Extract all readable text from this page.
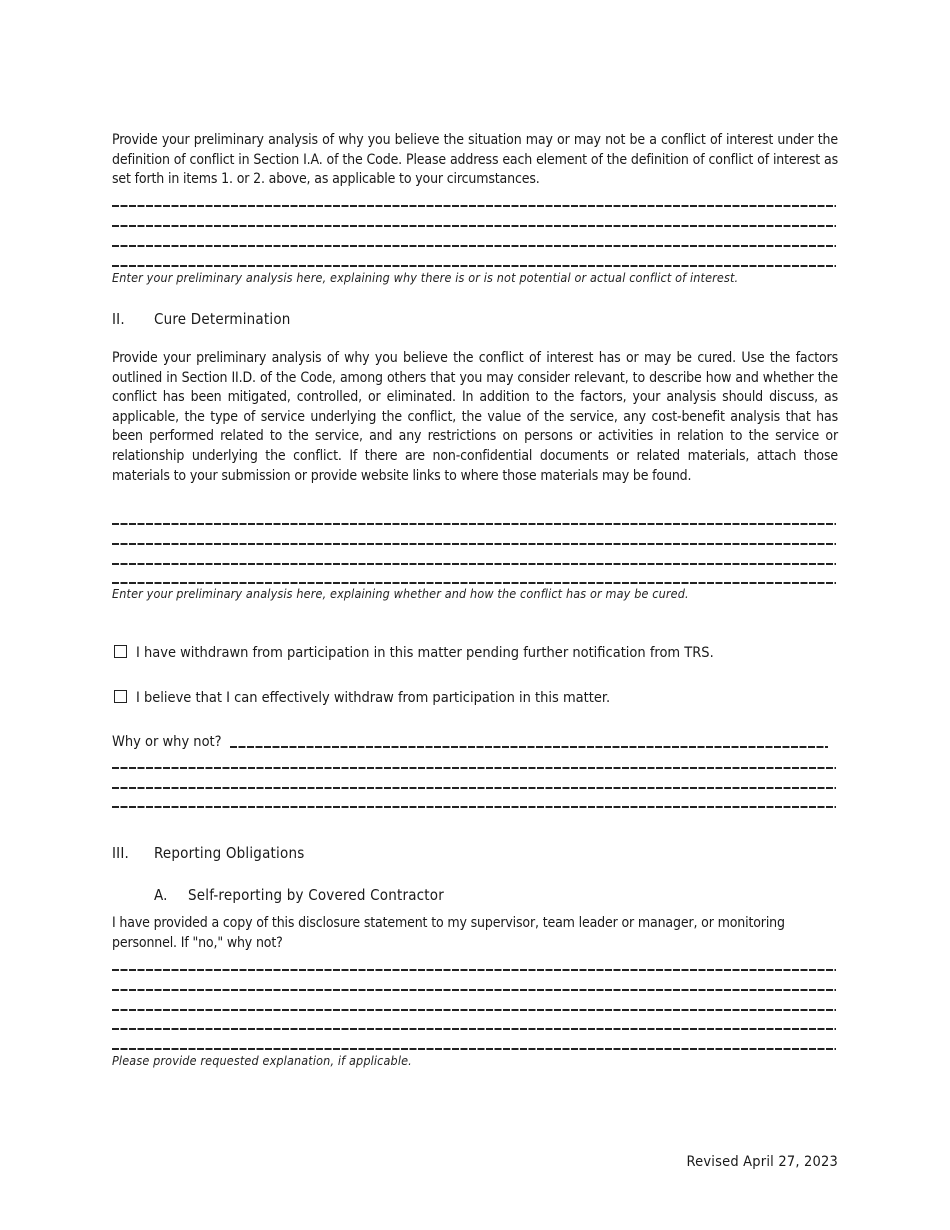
Provide your preliminary analysis of why you believe the situation may or may not be a conflict of interest under the definition of conflict in Section I.A. of the Code. Please address each element of the definition of conflict of interest as set forth in items 1. or 2. above, as applicable to your circumstances.
Enter your preliminary analysis here, explaining why there is or is not potential or actual conflict of interest.
II. Cure Determination
Provide your preliminary analysis of why you believe the conflict of interest has or may be cured. Use the factors outlined in Section II.D. of the Code, among others that you may consider relevant, to describe how and whether the conflict has been mitigated, controlled, or eliminated. In addition to the factors, your analysis should discuss, as applicable, the type of service underlying the conflict, the value of the service, any cost-benefit analysis that has been performed related to the service, and any restrictions on persons or activities in relation to the service or relationship underlying the conflict. If there are non-confidential documents or related materials, attach those materials to your submission or provide website links to where those materials may be found.
Enter your preliminary analysis here, explaining whether and how the conflict has or may be cured.
I have withdrawn from participation in this matter pending further notification from TRS.
I believe that I can effectively withdraw from participation in this matter.
Why or why not?
III. Reporting Obligations
A. Self-reporting by Covered Contractor
I have provided a copy of this disclosure statement to my supervisor, team leader or manager, or monitoring personnel. If "no," why not?
Please provide requested explanation, if applicable.
Revised April 27, 2023
